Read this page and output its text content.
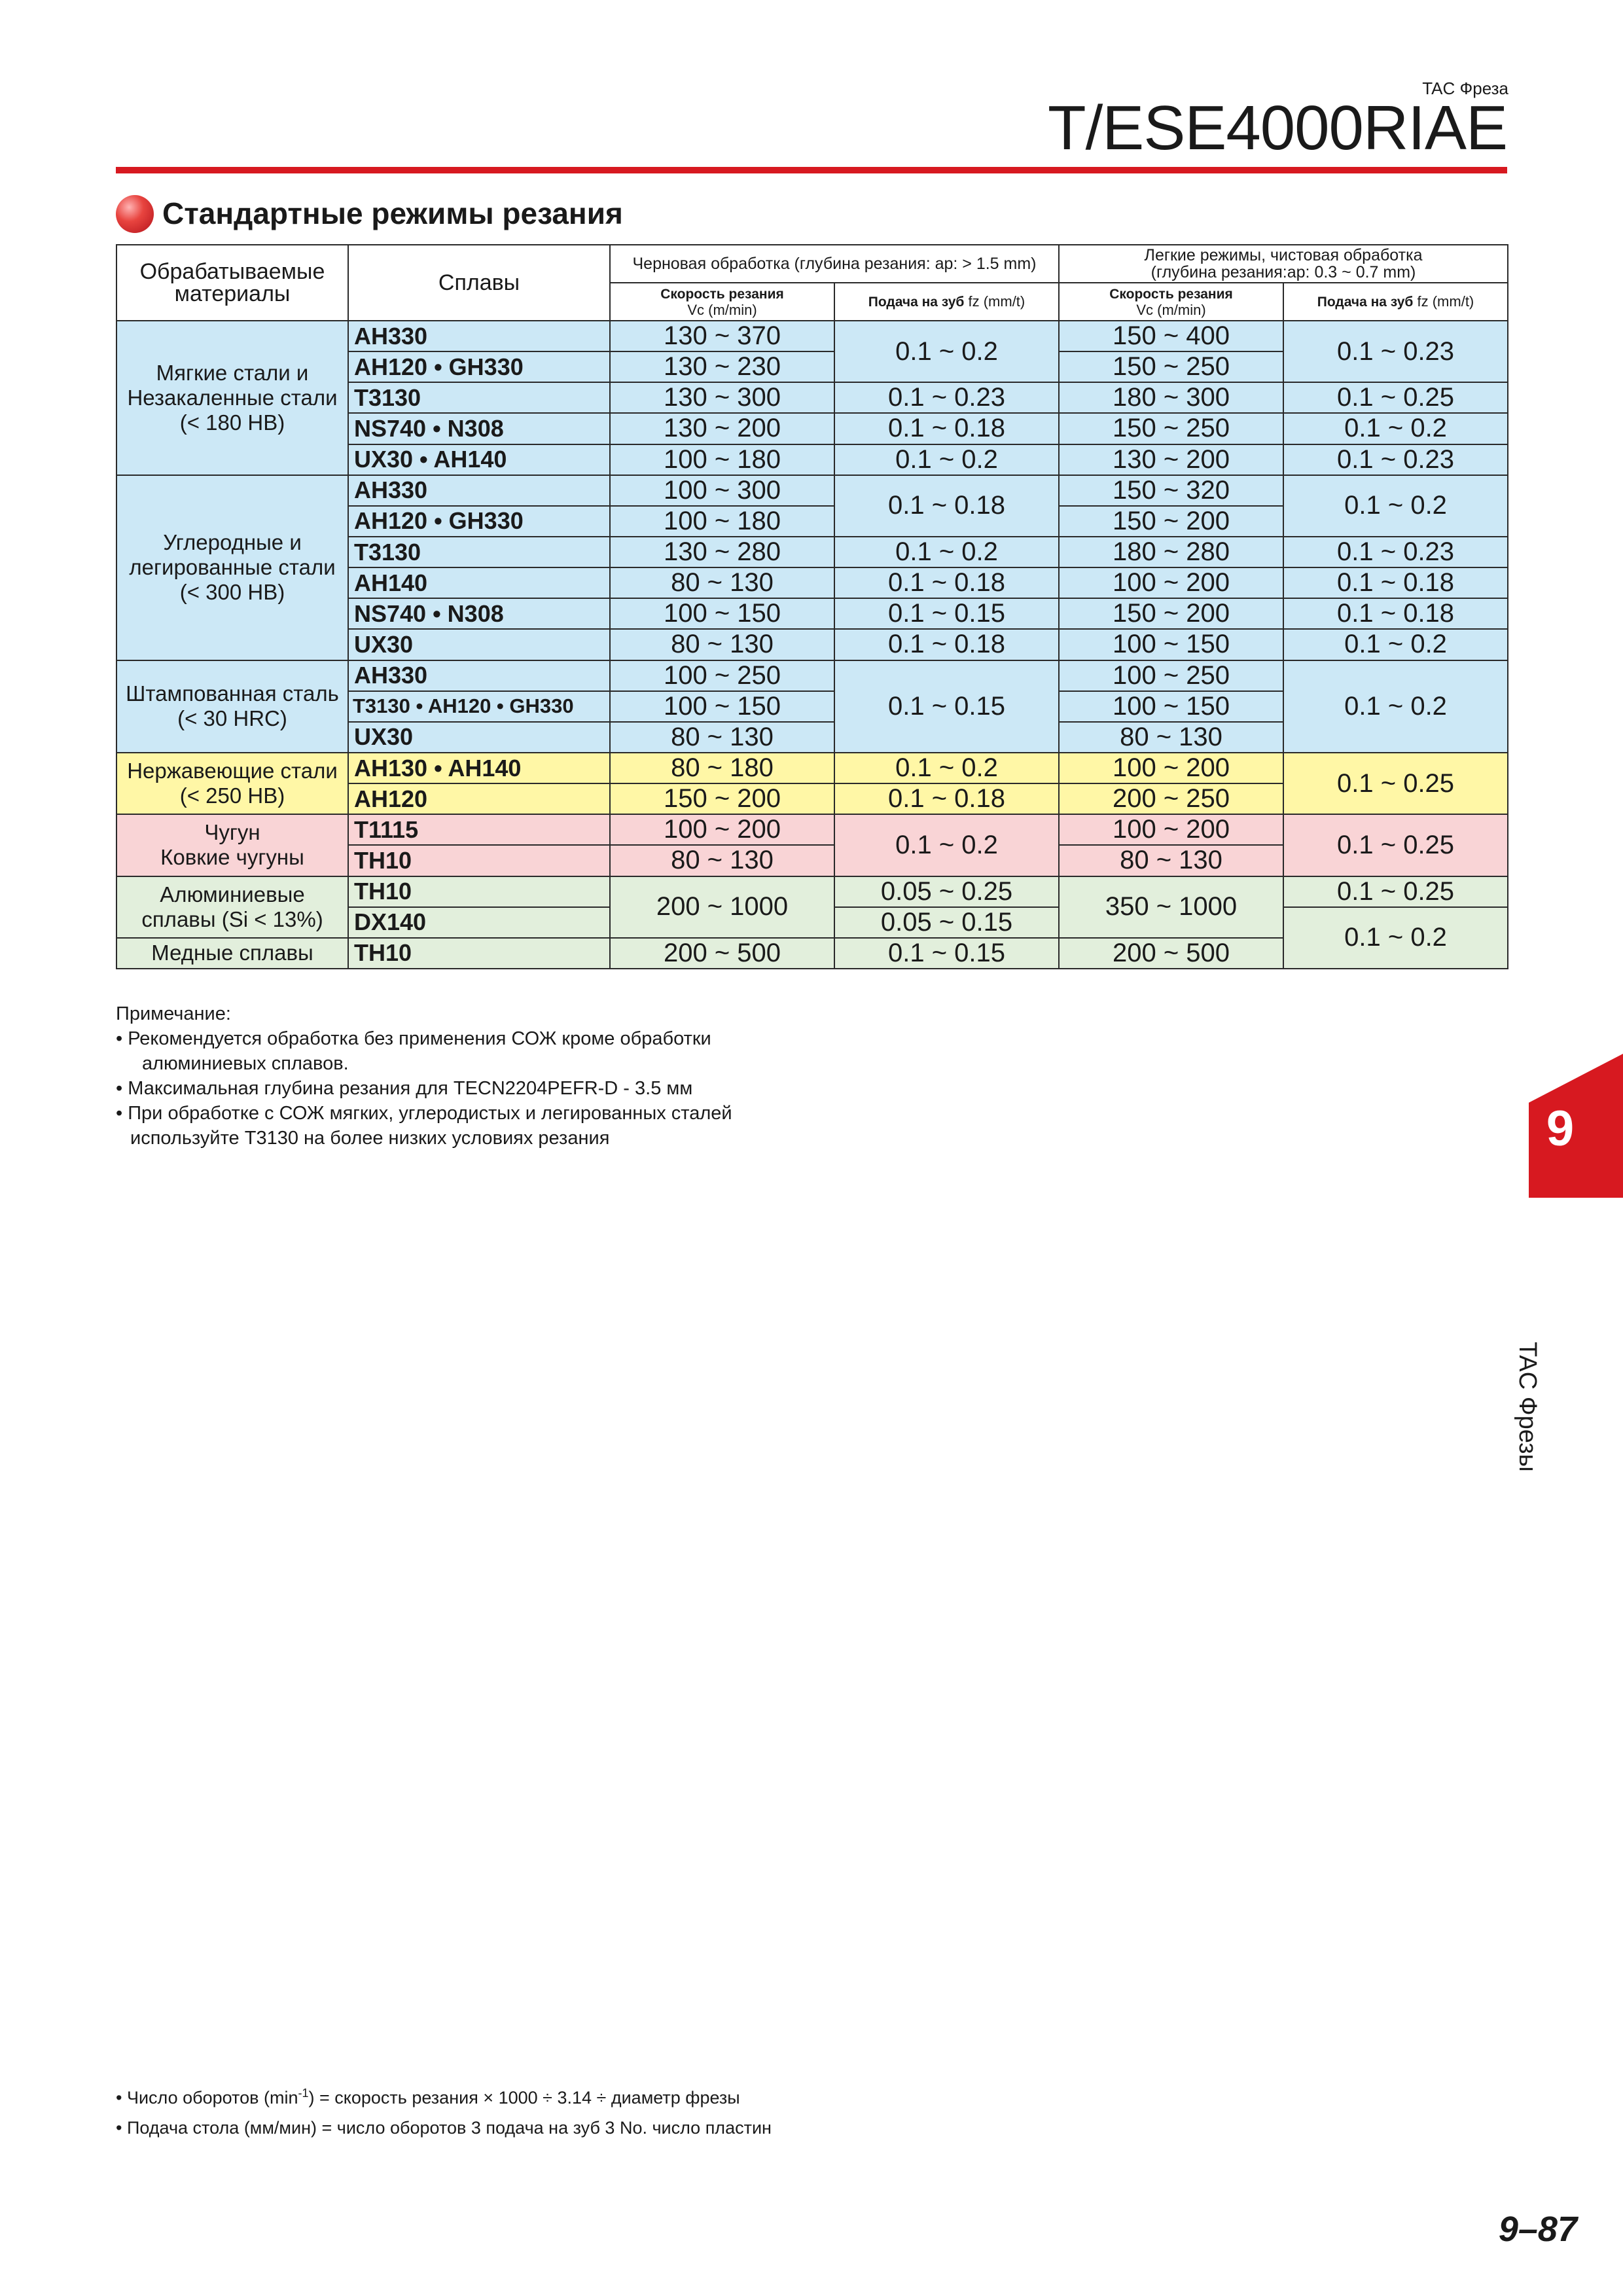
TAC Фреза
T/ESE4000RIAE
Стандартные режимы резания
Обрабатываемые материалы	Сплавы	Черновая обработка (глубина резания: ap: > 1.5 mm)		Легкие режимы, чистовая обработка
(глубина резания:ap: 0.3 ~ 0.7 mm)	

		Скорость резания
Vc (m/min)	Подача на зуб fz (mm/t)	Скорость резания
Vc (m/min)	Подача на зуб fz (mm/t)
Мягкие стали и
Незакаленные стали
(< 180 HB)	AH330	130 ~ 370	0.1 ~ 0.2	150 ~ 400	0.1 ~ 0.23
	AH120 • GH330	130 ~ 230		150 ~ 250	
	T3130	130 ~ 300	0.1 ~ 0.23	180 ~ 300	0.1 ~ 0.25
	NS740 • N308	130 ~ 200	0.1 ~ 0.18	150 ~ 250	0.1 ~ 0.2
	UX30 • AH140	100 ~ 180	0.1 ~ 0.2	130 ~ 200	0.1 ~ 0.23
Углеродные и
легированные стали
(< 300 HB)	AH330	100 ~ 300	0.1 ~ 0.18	150 ~ 320	0.1 ~ 0.2
	AH120 • GH330	100 ~ 180		150 ~ 200	
	T3130	130 ~ 280	0.1 ~ 0.2	180 ~ 280	0.1 ~ 0.23
	AH140	80 ~ 130	0.1 ~ 0.18	100 ~ 200	0.1 ~ 0.18
	NS740 • N308	100 ~ 150	0.1 ~ 0.15	150 ~ 200	0.1 ~ 0.18
	UX30	80 ~ 130	0.1 ~ 0.18	100 ~ 150	0.1 ~ 0.2
Штампованная сталь
(< 30 HRC)	AH330	100 ~ 250	0.1 ~ 0.15	100 ~ 250	0.1 ~ 0.2
	T3130 • AH120 • GH330	100 ~ 150		100 ~ 150	
	UX30	80 ~ 130		80 ~ 130	
Нержавеющие стали
(< 250 HB)	AH130 • AH140	80 ~ 180	0.1 ~ 0.2	100 ~ 200	0.1 ~ 0.25
	AH120	150 ~ 200	0.1 ~ 0.18	200 ~ 250	
Чугун
Ковкие чугуны	T1115	100 ~ 200	0.1 ~ 0.2	100 ~ 200	0.1 ~ 0.25
	TH10	80 ~ 130		80 ~ 130	
Алюминиевые
сплавы (Si < 13%)	TH10	200 ~ 1000	0.05 ~ 0.25	350 ~ 1000	0.1 ~ 0.25
	DX140		0.05 ~ 0.15		0.1 ~ 0.2
Медные сплавы	TH10	200 ~ 500	0.1 ~ 0.15	200 ~ 500	
Примечание:
• Рекомендуется обработка без применения СОЖ кроме обработки
алюминиевых сплавов.
• Максимальная глубина резания для TECN2204PEFR-D - 3.5 мм
• При обработке с СОЖ мягких, углеродистых и легированных сталей
используйте T3130 на более низких условиях резания
• Число оборотов $(\min^{-1})$ = скорость резания × 1000 ÷ 3.14 ÷ диаметр фрезы
• Подача стола (мм/мин) = число оборотов 3 подача на зуб 3 No. число пластин
9
TAC Фрезы
9–87
